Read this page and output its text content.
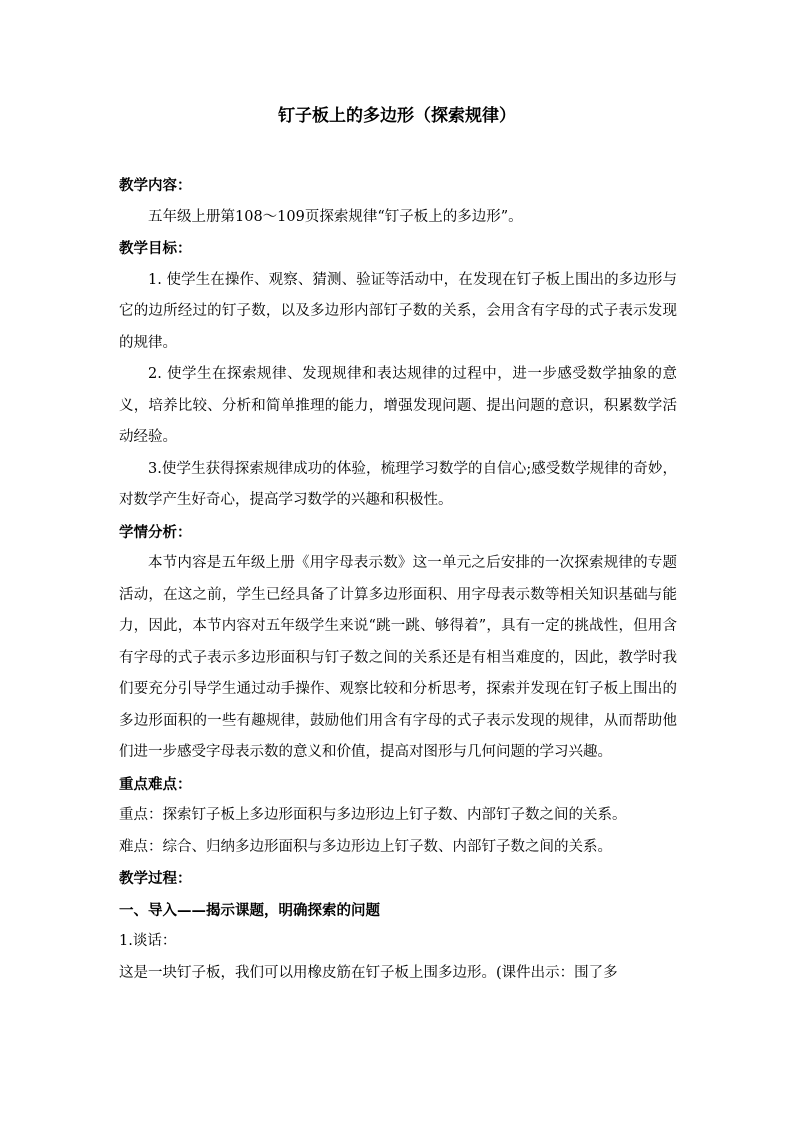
钉子板上的多边形（探索规律）

教学内容：

五年级上册第108～109页探索规律“钉子板上的多边形”。

教学目标：

1. 使学生在操作、观察、猜测、验证等活动中，在发现在钉子板上围出的多边形与它的边所经过的钉子数，以及多边形内部钉子数的关系，会用含有字母的式子表示发现的规律。

2. 使学生在探索规律、发现规律和表达规律的过程中，进一步感受数学抽象的意义，培养比较、分析和简单推理的能力，增强发现问题、提出问题的意识，积累数学活动经验。

3.使学生获得探索规律成功的体验，梳理学习数学的自信心;感受数学规律的奇妙，对数学产生好奇心，提高学习数学的兴趣和积极性。

学情分析：

本节内容是五年级上册《用字母表示数》这一单元之后安排的一次探索规律的专题活动，在这之前，学生已经具备了计算多边形面积、用字母表示数等相关知识基础与能力，因此，本节内容对五年级学生来说“跳一跳、够得着”，具有一定的挑战性，但用含有字母的式子表示多边形面积与钉子数之间的关系还是有相当难度的，因此，教学时我们要充分引导学生通过动手操作、观察比较和分析思考，探索并发现在钉子板上围出的多边形面积的一些有趣规律，鼓励他们用含有字母的式子表示发现的规律，从而帮助他们进一步感受字母表示数的意义和价值，提高对图形与几何问题的学习兴趣。

重点难点：

重点：探索钉子板上多边形面积与多边形边上钉子数、内部钉子数之间的关系。

难点：综合、归纳多边形面积与多边形边上钉子数、内部钉子数之间的关系。

教学过程：

一、导入——揭示课题，明确探索的问题

1.谈话：

这是一块钉子板，我们可以用橡皮筋在钉子板上围多边形。(课件出示：围了多
